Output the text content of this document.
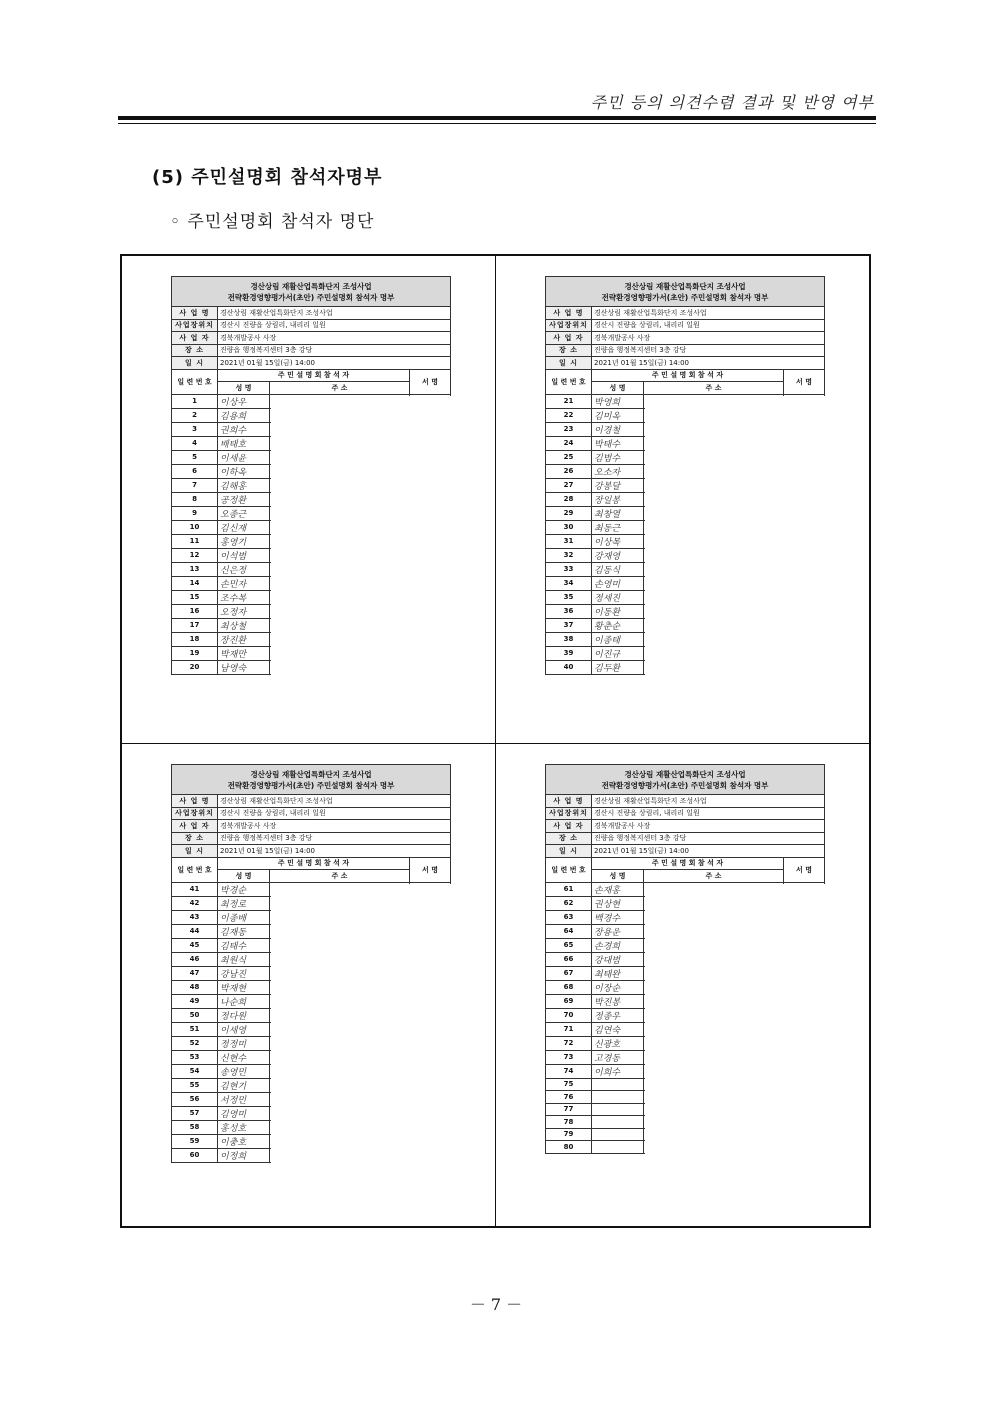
주민 등의 의견수렴 결과 및 반영 여부
(5) 주민설명회 참석자명부
◦ 주민설명회 참석자 명단
경산상림 재활산업특화단지 조성사업
전략환경영향평가서(초안) 주민설명회 참석자 명부			

사 업 명	경산상림 재활산업특화단지 조성사업		
사업장위치	경산시 진량읍 상림리, 내리리 일원		
사 업 자	경북개발공사 사장		
장 소	진량읍 행정복지센터 3층 강당		
일 시	2021년 01월 15일(금) 14:00		
일 련 번 호	주 민 설 명 회 참 석 자		서 명
	성 명	주 소	
1	이상우		
2	김용희		
3	권희수		
4	배태호		
5	이세윤		
6	이하옥		
7	김해홍		
8	공정환		
9	오종근		
10	김신재		
11	홍영기		
12	이석범		
13	신은정		
14	손민자		
15	조수복		
16	오정자		
17	최상철		
18	장진환		
19	박재만		
20	남영숙		
경산상림 재활산업특화단지 조성사업
전략환경영향평가서(초안) 주민설명회 참석자 명부			

사 업 명	경산상림 재활산업특화단지 조성사업		
사업장위치	경산시 진량읍 상림리, 내리리 일원		
사 업 자	경북개발공사 사장		
장 소	진량읍 행정복지센터 3층 강당		
일 시	2021년 01월 15일(금) 14:00		
일 련 번 호	주 민 설 명 회 참 석 자		서 명
	성 명	주 소	
21	박영희		
22	김미옥		
23	이경철		
24	박태수		
25	김범수		
26	오소자		
27	강봉달		
28	장일봉		
29	최창열		
30	최동근		
31	이상목		
32	강재영		
33	김동식		
34	손영미		
35	정세진		
36	이동환		
37	황춘순		
38	이종태		
39	이진규		
40	김두환		
경산상림 재활산업특화단지 조성사업
전략환경영향평가서(초안) 주민설명회 참석자 명부			

사 업 명	경산상림 재활산업특화단지 조성사업		
사업장위치	경산시 진량읍 상림리, 내리리 일원		
사 업 자	경북개발공사 사장		
장 소	진량읍 행정복지센터 3층 강당		
일 시	2021년 01월 15일(금) 14:00		
일 련 번 호	주 민 설 명 회 참 석 자		서 명
	성 명	주 소	
41	박경순		
42	최정로		
43	이종배		
44	김재동		
45	김태수		
46	최원식		
47	강남진		
48	박재현		
49	나순희		
50	정다원		
51	이세영		
52	정정미		
53	신현수		
54	송영민		
55	김현기		
56	서정민		
57	김영미		
58	홍성호		
59	이충호		
60	이정희		
경산상림 재활산업특화단지 조성사업
전략환경영향평가서(초안) 주민설명회 참석자 명부			

사 업 명	경산상림 재활산업특화단지 조성사업		
사업장위치	경산시 진량읍 상림리, 내리리 일원		
사 업 자	경북개발공사 사장		
장 소	진량읍 행정복지센터 3층 강당		
일 시	2021년 01월 15일(금) 14:00		
일 련 번 호	주 민 설 명 회 참 석 자		서 명
	성 명	주 소	
61	손재홍		
62	권상현		
63	백경수		
64	장용운		
65	손경희		
66	강대범		
67	최태완		
68	이장순		
69	박진봉		
70	정종우		
71	김연숙		
72	신광호		
73	고경동		
74	이희수		
75			
76			
77			
78			
79			
80			
－ 7 －
